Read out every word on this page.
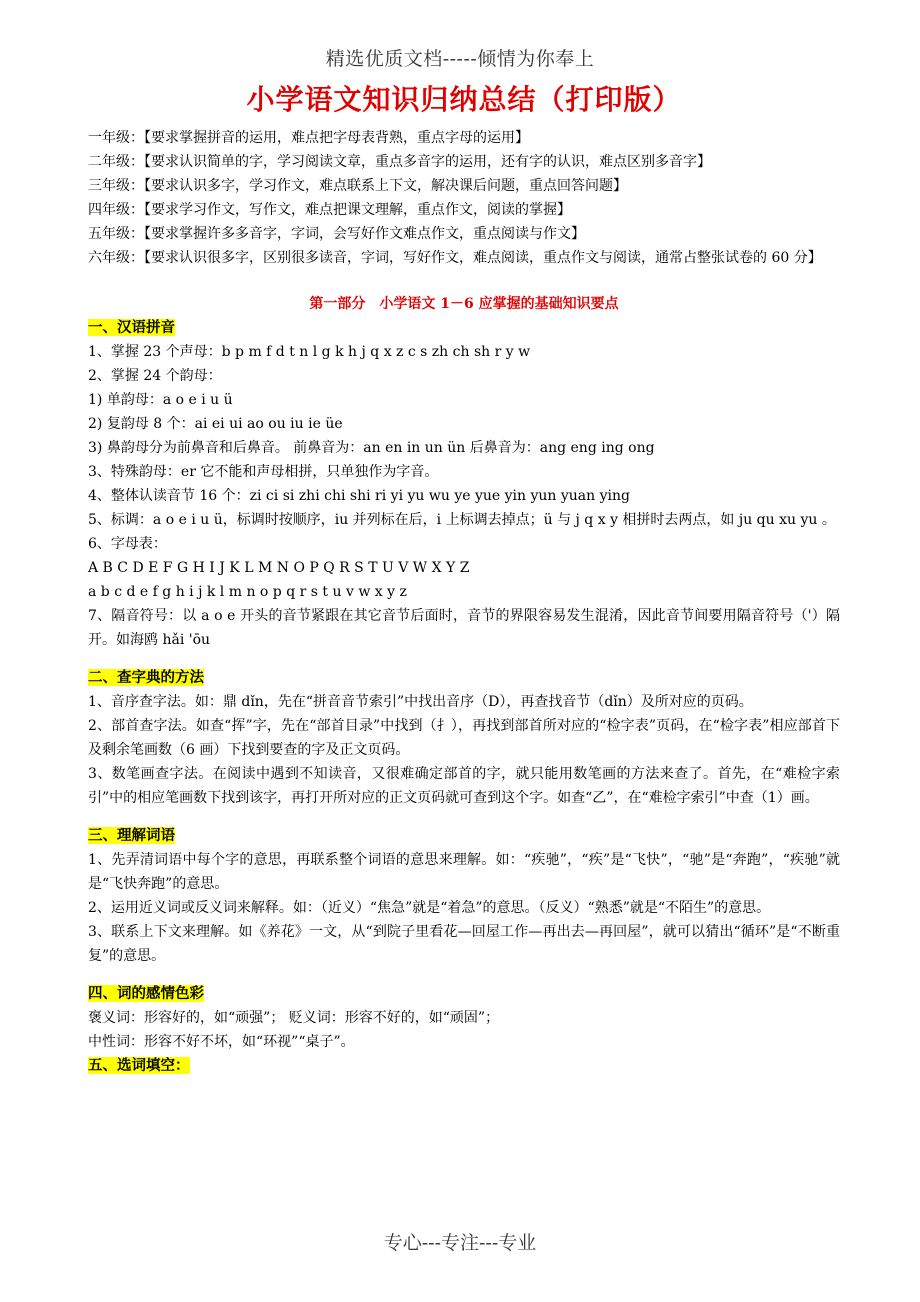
精选优质文档-----倾情为你奉上
小学语文知识归纳总结（打印版）

一年级：【要求掌握拼音的运用，难点把字母表背熟，重点字母的运用】

二年级：【要求认识简单的字，学习阅读文章，重点多音字的运用，还有字的认识，难点区别多音字】

三年级：【要求认识多字，学习作文，难点联系上下文，解决课后问题，重点回答问题】

四年级：【要求学习作文，写作文，难点把课文理解，重点作文，阅读的掌握】

五年级：【要求掌握许多多音字，字词，会写好作文难点作文，重点阅读与作文】

六年级：【要求认识很多字，区别很多读音，字词，写好作文，难点阅读，重点作文与阅读，通常占整张试卷的 60 分】

第一部分　小学语文 1－6 应掌握的基础知识要点

一、汉语拼音

1、掌握 23 个声母：b p m f d t n l g k h j q x z c s zh ch sh r y w

2、掌握 24 个韵母：

1) 单韵母：a o e i u ü

2) 复韵母 8 个：ai ei ui ao ou iu ie üe

3) 鼻韵母分为前鼻音和后鼻音。 前鼻音为：an en in un ün 后鼻音为：ang eng ing ong

3、特殊韵母：er 它不能和声母相拼，只单独作为字音。

4、整体认读音节 16 个：zi ci si zhi chi shi ri yi yu wu ye yue yin yun yuan ying

5、标调：a o e i u ü，标调时按顺序，iu 并列标在后，i 上标调去掉点；ü 与 j q x y 相拼时去两点，如 ju qu xu yu 。

6、字母表：

A B C D E F G H I J K L M N O P Q R S T U V W X Y Z

a b c d e f g h i j k l m n o p q r s t u v w x y z

7、隔音符号：以 a o e 开头的音节紧跟在其它音节后面时，音节的界限容易发生混淆，因此音节间要用隔音符号（'）隔开。如海鸥 hǎi 'ōu

二、查字典的方法

1、音序查字法。如：鼎 dǐn，先在“拼音音节索引”中找出音序（D），再查找音节（dǐn）及所对应的页码。

2、部首查字法。如查“挥”字，先在“部首目录”中找到（扌），再找到部首所对应的“检字表”页码，在“检字表”相应部首下及剩余笔画数（6 画）下找到要查的字及正文页码。

3、数笔画查字法。在阅读中遇到不知读音，又很难确定部首的字，就只能用数笔画的方法来查了。首先，在“难检字索引”中的相应笔画数下找到该字，再打开所对应的正文页码就可查到这个字。如查“乙”，在“难检字索引”中查（1）画。

三、理解词语

1、先弄清词语中每个字的意思，再联系整个词语的意思来理解。如：“疾驰”，“疾”是“飞快”，“驰”是“奔跑”，“疾驰”就是“飞快奔跑”的意思。

2、运用近义词或反义词来解释。如：（近义）“焦急”就是“着急”的意思。（反义）“熟悉”就是“不陌生”的意思。

3、联系上下文来理解。如《养花》一文，从“到院子里看花—回屋工作—再出去—再回屋”，就可以猜出“循环”是“不断重复”的意思。

四、词的感情色彩

褒义词：形容好的，如“顽强”； 贬义词：形容不好的，如“顽固”；

中性词：形容不好不坏，如“环视”“桌子”。

五、选词填空：

专心---专注---专业
